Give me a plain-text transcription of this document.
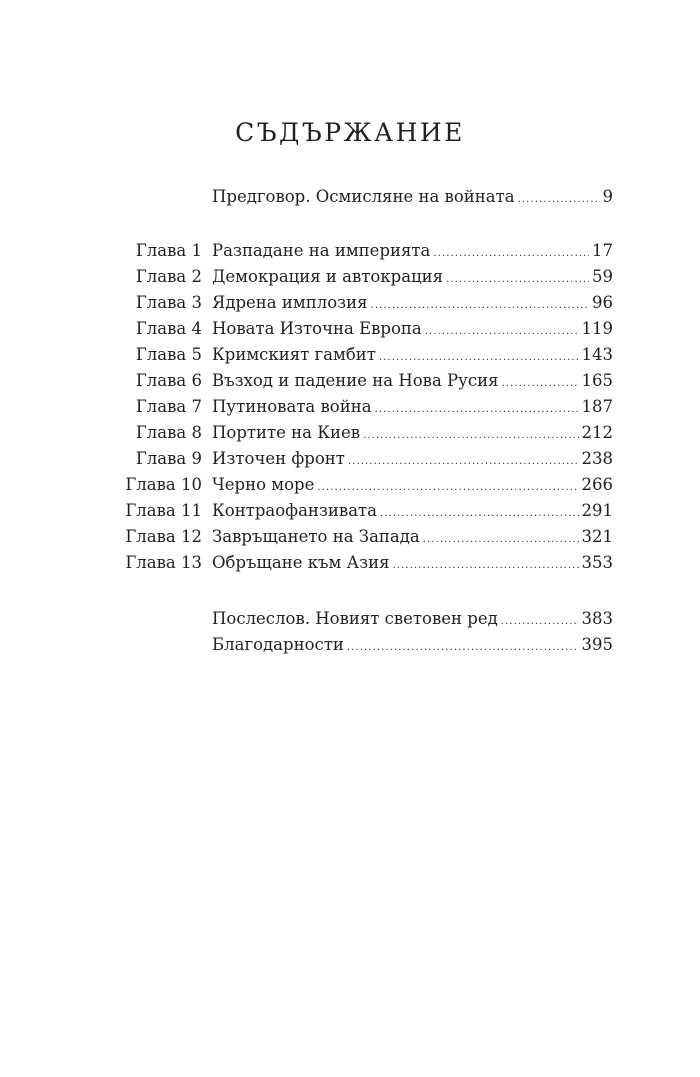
СЪДЪРЖАНИЕ
Предговор. Осмисляне на войната .....	9
Глава 1 Разпадане на империята .....	17
Глава 2 Демокрация и автокрация .....	59
Глава 3 Ядрена имплозия .....	96
Глава 4 Новата Източна Европа .....	119
Глава 5 Кримският гамбит .....	143
Глава 6 Възход и падение на Нова Русия .....	165
Глава 7 Путиновата война .....	187
Глава 8 Портите на Киев .....	212
Глава 9 Източен фронт .....	238
Глава 10 Черно море .....	266
Глава 11 Контраофанзивата .....	291
Глава 12 Завръщането на Запада .....	321
Глава 13 Обръщане към Азия .....	353
Послеслов. Новият световен ред .....	383
Благодарности .....	395
